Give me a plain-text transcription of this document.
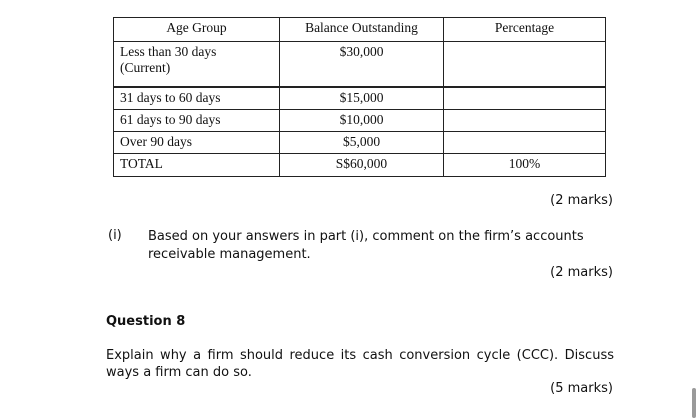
Age Group	Balance Outstanding	Percentage

Less than 30 days
(Current)	$30,000	
31 days to 60 days	$15,000	
61 days to 90 days	$10,000	
Over 90 days	$5,000	
TOTAL	S$60,000	100%
(2 marks)
(i) Based on your answers in part (i), comment on the firm’s accounts receivable management.
(2 marks)
Question 8
Explain why a firm should reduce its cash conversion cycle (CCC). Discuss ways a firm can do so.
(5 marks)
